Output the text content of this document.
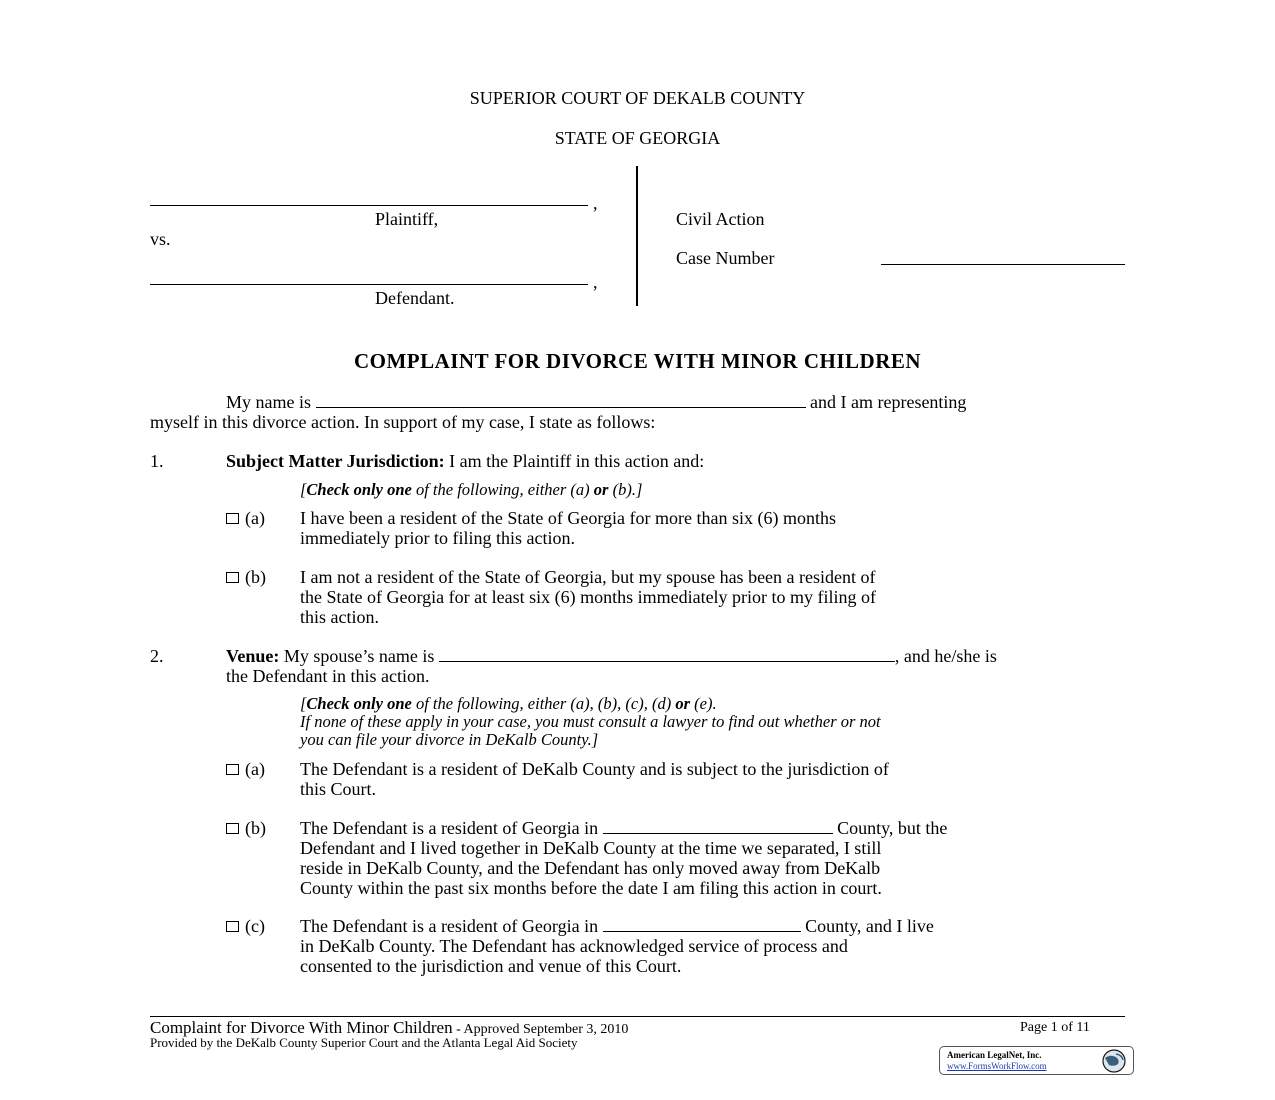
SUPERIOR COURT OF DEKALB COUNTY
STATE OF GEORGIA
,
Plaintiff,
vs.
,
Defendant.
Civil Action
Case Number
COMPLAINT FOR DIVORCE WITH MINOR CHILDREN
My name is	and I am representing
myself in this divorce action. In support of my case, I state as follows:
1.	Subject Matter Jurisdiction: I am the Plaintiff in this action and:
[Check only one of the following, either (a) or (b).]
(a) I have been a resident of the State of Georgia for more than six (6) months
immediately prior to filing this action.
(b) I am not a resident of the State of Georgia, but my spouse has been a resident of
the State of Georgia for at least six (6) months immediately prior to my filing of
this action.
2.	Venue: My spouse’s name is	, and he/she is
the Defendant in this action.
[Check only one of the following, either (a), (b), (c), (d) or (e).
If none of these apply in your case, you must consult a lawyer to find out whether or not
you can file your divorce in DeKalb County.]
(a) The Defendant is a resident of DeKalb County and is subject to the jurisdiction of
this Court.
(b) The Defendant is a resident of Georgia in	County, but the
Defendant and I lived together in DeKalb County at the time we separated, I still
reside in DeKalb County, and the Defendant has only moved away from DeKalb
County within the past six months before the date I am filing this action in court.
(c) The Defendant is a resident of Georgia in	County, and I live
in DeKalb County. The Defendant has acknowledged service of process and
consented to the jurisdiction and venue of this Court.
Complaint for Divorce With Minor Children - Approved September 3, 2010	Page 1 of 11
Provided by the DeKalb County Superior Court and the Atlanta Legal Aid Society
American LegalNet, Inc.
www.FormsWorkFlow.com
